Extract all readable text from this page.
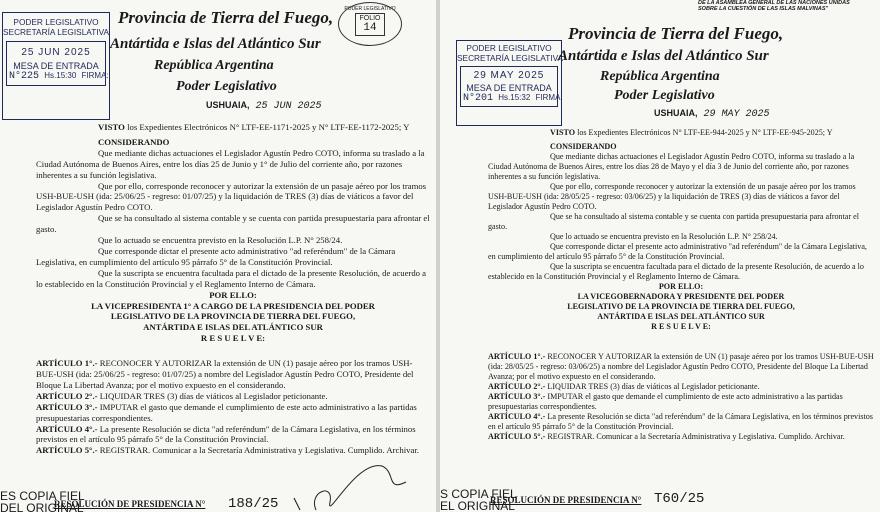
PODER LEGISLATIVO
SECRETARÍA LEGISLATIVA
25 JUN 2025
MESA DE ENTRADA
N°225 Hs.15:30 FIRMA:
PODER LEGISLATIVO
FOLIO
14
Provincia de Tierra del Fuego,
Antártida e Islas del Atlántico Sur
República Argentina
Poder Legislativo
USHUAIA, 25 JUN 2025

VISTO los Expedientes Electrónicos N° LTF-EE-1171-2025 y N° LTF-EE-1172-2025; Y

CONSIDERANDO

Que mediante dichas actuaciones el Legislador Agustín Pedro COTO, informa su traslado a la Ciudad Autónoma de Buenos Aires, entre los días 25 de Junio y 1° de Julio del corriente año, por razones inherentes a su función legislativa.

Que por ello, corresponde reconocer y autorizar la extensión de un pasaje aéreo por los tramos USH-BUE-USH (ida: 25/06/25 - regreso: 01/07/25) y la liquidación de TRES (3) días de viáticos a favor del Legislador Agustín Pedro COTO.

Que se ha consultado al sistema contable y se cuenta con partida presupuestaria para afrontar el gasto.

Que lo actuado se encuentra previsto en la Resolución L.P. N° 258/24.

Que corresponde dictar el presente acto administrativo "ad referéndum" de la Cámara Legislativa, en cumplimiento del artículo 95 párrafo 5° de la Constitución Provincial.

Que la suscripta se encuentra facultada para el dictado de la presente Resolución, de acuerdo a lo establecido en la Constitución Provincial y el Reglamento Interno de Cámara.

POR ELLO:

LA VICEPRESIDENTA 1° A CARGO DE LA PRESIDENCIA DEL PODER

LEGISLATIVO DE LA PROVINCIA DE TIERRA DEL FUEGO,

ANTÁRTIDA E ISLAS DEL ATLÁNTICO SUR

R E S U E L V E:

ARTÍCULO 1°.- RECONOCER Y AUTORIZAR la extensión de UN (1) pasaje aéreo por los tramos USH-BUE-USH (ida: 25/06/25 - regreso: 01/07/25) a nombre del Legislador Agustín Pedro COTO, Presidente del Bloque La Libertad Avanza; por el motivo expuesto en el considerando.

ARTÍCULO 2°.- LIQUIDAR TRES (3) días de viáticos al Legislador peticionante.

ARTÍCULO 3°.- IMPUTAR el gasto que demande el cumplimiento de este acto administrativo a las partidas presupuestarias correspondientes.

ARTÍCULO 4°.- La presente Resolución se dicta "ad referéndum" de la Cámara Legislativa, en los términos previstos en el artículo 95 párrafo 5° de la Constitución Provincial.

ARTÍCULO 5°.- REGISTRAR. Comunicar a la Secretaría Administrativa y Legislativa. Cumplido. Archivar.

ES COPIA FIEL
DEL ORIGINAL
RESOLUCIÓN DE PRESIDENCIA N° 188/25
DE LA ASAMBLEA GENERAL DE LAS NACIONES UNIDAS
SOBRE LA CUESTIÓN DE LAS ISLAS MALVINAS"
PODER LEGISLATIVO
SECRETARÍA LEGISLATIVA
29 MAY 2025
MESA DE ENTRADA
N°201 Hs.15:32 FIRMA:
Provincia de Tierra del Fuego,
Antártida e Islas del Atlántico Sur
República Argentina
Poder Legislativo
USHUAIA, 29 MAY 2025

VISTO los Expedientes Electrónicos N° LTF-EE-944-2025 y N° LTF-EE-945-2025; Y

CONSIDERANDO

Que mediante dichas actuaciones el Legislador Agustín Pedro COTO, informa su traslado a la Ciudad Autónoma de Buenos Aires, entre los días 28 de Mayo y el día 3 de Junio del corriente año, por razones inherentes a su función legislativa.

Que por ello, corresponde reconocer y autorizar la extensión de un pasaje aéreo por los tramos USH-BUE-USH (ida: 28/05/25 - regreso: 03/06/25) y la liquidación de TRES (3) días de viáticos a favor del Legislador Agustín Pedro COTO.

Que se ha consultado al sistema contable y se cuenta con partida presupuestaria para afrontar el gasto.

Que lo actuado se encuentra previsto en la Resolución L.P. N° 258/24.

Que corresponde dictar el presente acto administrativo "ad referéndum" de la Cámara Legislativa, en cumplimiento del artículo 95 párrafo 5° de la Constitución Provincial.

Que la suscripta se encuentra facultada para el dictado de la presente Resolución, de acuerdo a lo establecido en la Constitución Provincial y el Reglamento Interno de Cámara.

POR ELLO:

LA VICEGOBERNADORA Y PRESIDENTE DEL PODER

LEGISLATIVO DE LA PROVINCIA DE TIERRA DEL FUEGO,

ANTÁRTIDA E ISLAS DEL ATLÁNTICO SUR

R E S U E L V E:

ARTÍCULO 1°.- RECONOCER Y AUTORIZAR la extensión de UN (1) pasaje aéreo por los tramos USH-BUE-USH (ida: 28/05/25 - regreso: 03/06/25) a nombre del Legislador Agustín Pedro COTO, Presidente del Bloque La Libertad Avanza; por el motivo expuesto en el considerando.

ARTÍCULO 2°.- LIQUIDAR TRES (3) días de viáticos al Legislador peticionante.

ARTÍCULO 3°.- IMPUTAR el gasto que demande el cumplimiento de este acto administrativo a las partidas presupuestarias correspondientes.

ARTÍCULO 4°.- La presente Resolución se dicta "ad referéndum" de la Cámara Legislativa, en los términos previstos en el artículo 95 párrafo 5° de la Constitución Provincial.

ARTÍCULO 5°.- REGISTRAR. Comunicar a la Secretaría Administrativa y Legislativa. Cumplido. Archivar.

S COPIA FIEL
EL ORIGINAL
RESOLUCIÓN DE PRESIDENCIA N° T60/25
